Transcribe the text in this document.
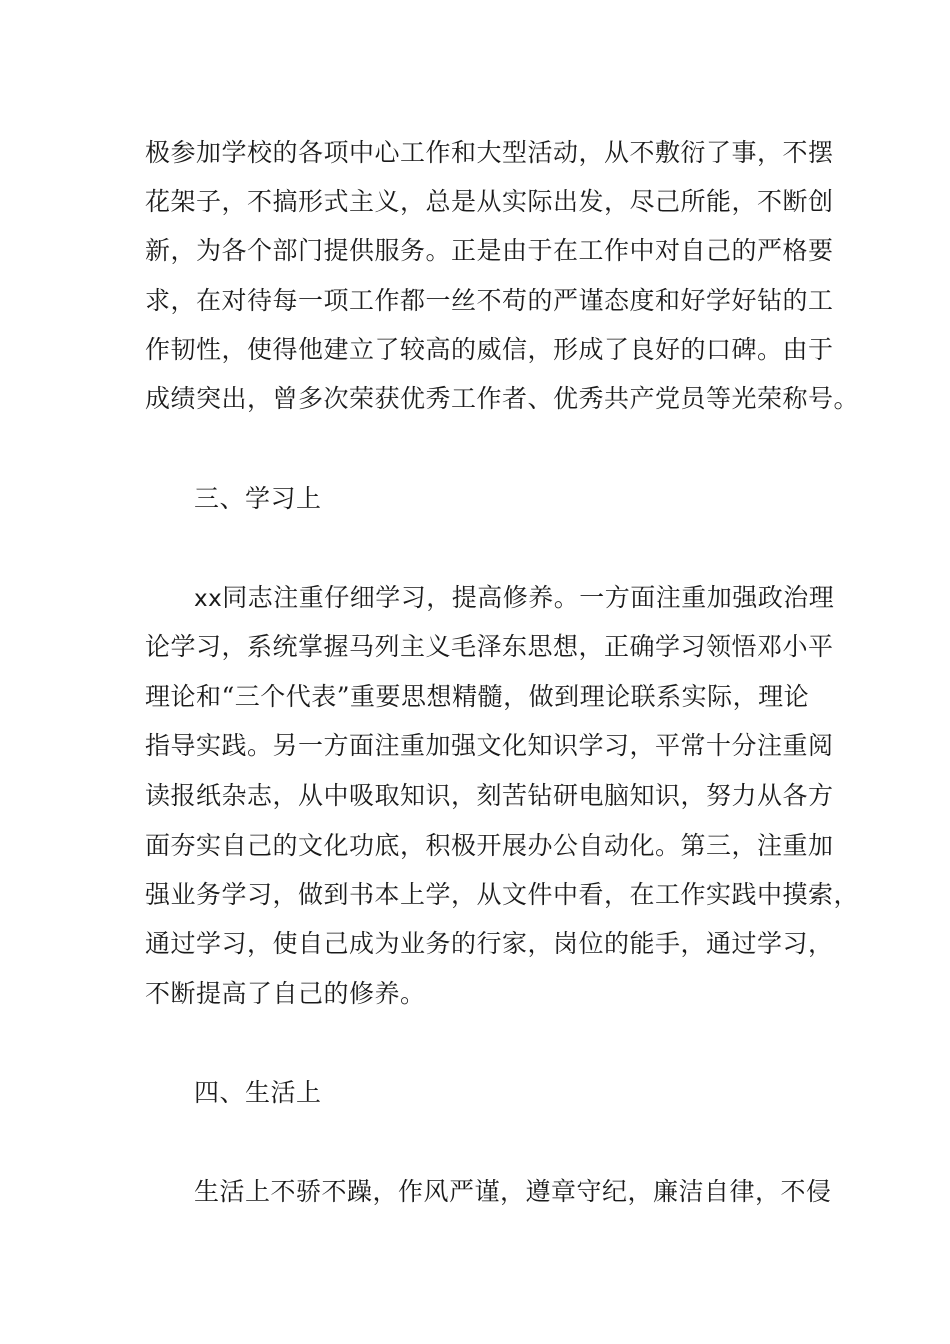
极参加学校的各项中心工作和大型活动，从不敷衍了事，不摆
花架子，不搞形式主义，总是从实际出发，尽己所能，不断创
新，为各个部门提供服务。正是由于在工作中对自己的严格要
求，在对待每一项工作都一丝不苟的严谨态度和好学好钻的工
作韧性，使得他建立了较高的威信，形成了良好的口碑。由于
成绩突出，曾多次荣获优秀工作者、优秀共产党员等光荣称号。
三、学习上
xx同志注重仔细学习，提高修养。一方面注重加强政治理
论学习，系统掌握马列主义毛泽东思想，正确学习领悟邓小平
理论和“三个代表”重要思想精髓，做到理论联系实际，理论
指导实践。另一方面注重加强文化知识学习，平常十分注重阅
读报纸杂志，从中吸取知识，刻苦钻研电脑知识，努力从各方
面夯实自己的文化功底，积极开展办公自动化。第三，注重加
强业务学习，做到书本上学，从文件中看，在工作实践中摸索，
通过学习，使自己成为业务的行家，岗位的能手，通过学习，
不断提高了自己的修养。
四、生活上
生活上不骄不躁，作风严谨，遵章守纪，廉洁自律，不侵
